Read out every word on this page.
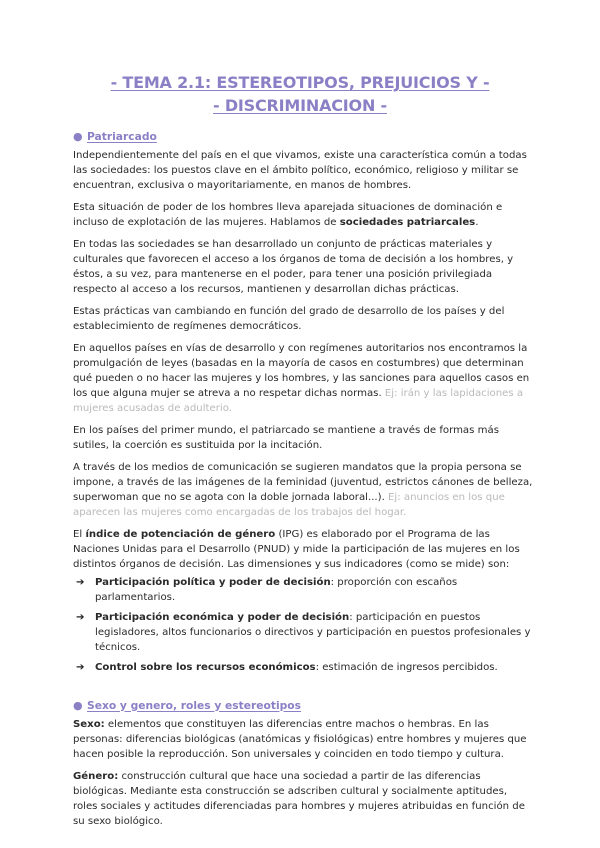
- TEMA 2.1: ESTEREOTIPOS, PREJUICIOS Y -
- DISCRIMINACION -
● Patriarcado

Independientemente del país en el que vivamos, existe una característica común a todas las sociedades: los puestos clave en el ámbito político, económico, religioso y militar se encuentran, exclusiva o mayoritariamente, en manos de hombres.

Esta situación de poder de los hombres lleva aparejada situaciones de dominación e incluso de explotación de las mujeres. Hablamos de sociedades patriarcales.

En todas las sociedades se han desarrollado un conjunto de prácticas materiales y culturales que favorecen el acceso a los órganos de toma de decisión a los hombres, y éstos, a su vez, para mantenerse en el poder, para tener una posición privilegiada respecto al acceso a los recursos, mantienen y desarrollan dichas prácticas.

Estas prácticas van cambiando en función del grado de desarrollo de los países y del establecimiento de regímenes democráticos.

En aquellos países en vías de desarrollo y con regímenes autoritarios nos encontramos la promulgación de leyes (basadas en la mayoría de casos en costumbres) que determinan qué pueden o no hacer las mujeres y los hombres, y las sanciones para aquellos casos en los que alguna mujer se atreva a no respetar dichas normas. Ej: irán y las lapidaciones a mujeres acusadas de adulterio.

En los países del primer mundo, el patriarcado se mantiene a través de formas más sutiles, la coerción es sustituida por la incitación.

A través de los medios de comunicación se sugieren mandatos que la propia persona se impone, a través de las imágenes de la feminidad (juventud, estrictos cánones de belleza, superwoman que no se agota con la doble jornada laboral...). Ej: anuncios en los que aparecen las mujeres como encargadas de los trabajos del hogar.

El índice de potenciación de género (IPG) es elaborado por el Programa de las Naciones Unidas para el Desarrollo (PNUD) y mide la participación de las mujeres en los distintos órganos de decisión. Las dimensiones y sus indicadores (como se mide) son:

➔	Participación política y poder de decisión: proporción con escaños parlamentarios.
➔	Participación económica y poder de decisión: participación en puestos legisladores, altos funcionarios o directivos y participación en puestos profesionales y técnicos.
➔	Control sobre los recursos económicos: estimación de ingresos percibidos.
● Sexo y genero, roles y estereotipos

Sexo: elementos que constituyen las diferencias entre machos o hembras. En las personas: diferencias biológicas (anatómicas y fisiológicas) entre hombres y mujeres que hacen posible la reproducción. Son universales y coinciden en todo tiempo y cultura.

Género: construcción cultural que hace una sociedad a partir de las diferencias biológicas. Mediante esta construcción se adscriben cultural y socialmente aptitudes, roles sociales y actitudes diferenciadas para hombres y mujeres atribuidas en función de su sexo biológico.
